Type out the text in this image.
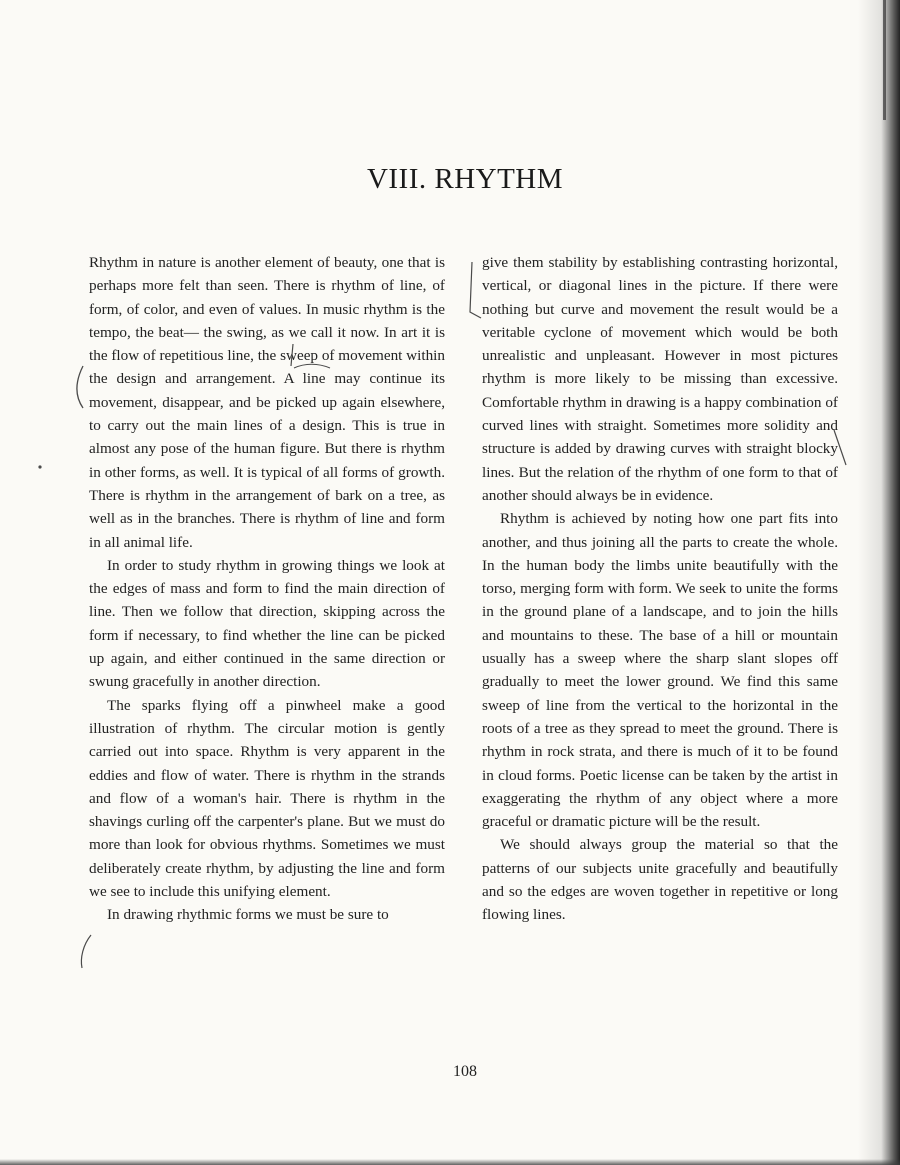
VIII. RHYTHM

Rhythm in nature is another element of beauty, one that is perhaps more felt than seen. There is rhythm of line, of form, of color, and even of values. In music rhythm is the tempo, the beat— the swing, as we call it now. In art it is the flow of repetitious line, the sweep of movement within the design and arrangement. A line may continue its movement, disappear, and be picked up again elsewhere, to carry out the main lines of a design. This is true in almost any pose of the human figure. But there is rhythm in other forms, as well. It is typical of all forms of growth. There is rhythm in the arrangement of bark on a tree, as well as in the branches. There is rhythm of line and form in all animal life.

In order to study rhythm in growing things we look at the edges of mass and form to find the main direction of line. Then we follow that direction, skipping across the form if necessary, to find whether the line can be picked up again, and either continued in the same direction or swung gracefully in another direction.

The sparks flying off a pinwheel make a good illustration of rhythm. The circular motion is gently carried out into space. Rhythm is very apparent in the eddies and flow of water. There is rhythm in the strands and flow of a woman's hair. There is rhythm in the shavings curling off the carpenter's plane. But we must do more than look for obvious rhythms. Sometimes we must deliberately create rhythm, by adjusting the line and form we see to include this unifying element.

In drawing rhythmic forms we must be sure to

give them stability by establishing contrasting horizontal, vertical, or diagonal lines in the picture. If there were nothing but curve and movement the result would be a veritable cyclone of movement which would be both unrealistic and unpleasant. However in most pictures rhythm is more likely to be missing than excessive. Comfortable rhythm in drawing is a happy combination of curved lines with straight. Sometimes more solidity and structure is added by drawing curves with straight blocky lines. But the relation of the rhythm of one form to that of another should always be in evidence.

Rhythm is achieved by noting how one part fits into another, and thus joining all the parts to create the whole. In the human body the limbs unite beautifully with the torso, merging form with form. We seek to unite the forms in the ground plane of a landscape, and to join the hills and mountains to these. The base of a hill or mountain usually has a sweep where the sharp slant slopes off gradually to meet the lower ground. We find this same sweep of line from the vertical to the horizontal in the roots of a tree as they spread to meet the ground. There is rhythm in rock strata, and there is much of it to be found in cloud forms. Poetic license can be taken by the artist in exaggerating the rhythm of any object where a more graceful or dramatic picture will be the result.

We should always group the material so that the patterns of our subjects unite gracefully and beautifully and so the edges are woven together in repetitive or long flowing lines.

108
